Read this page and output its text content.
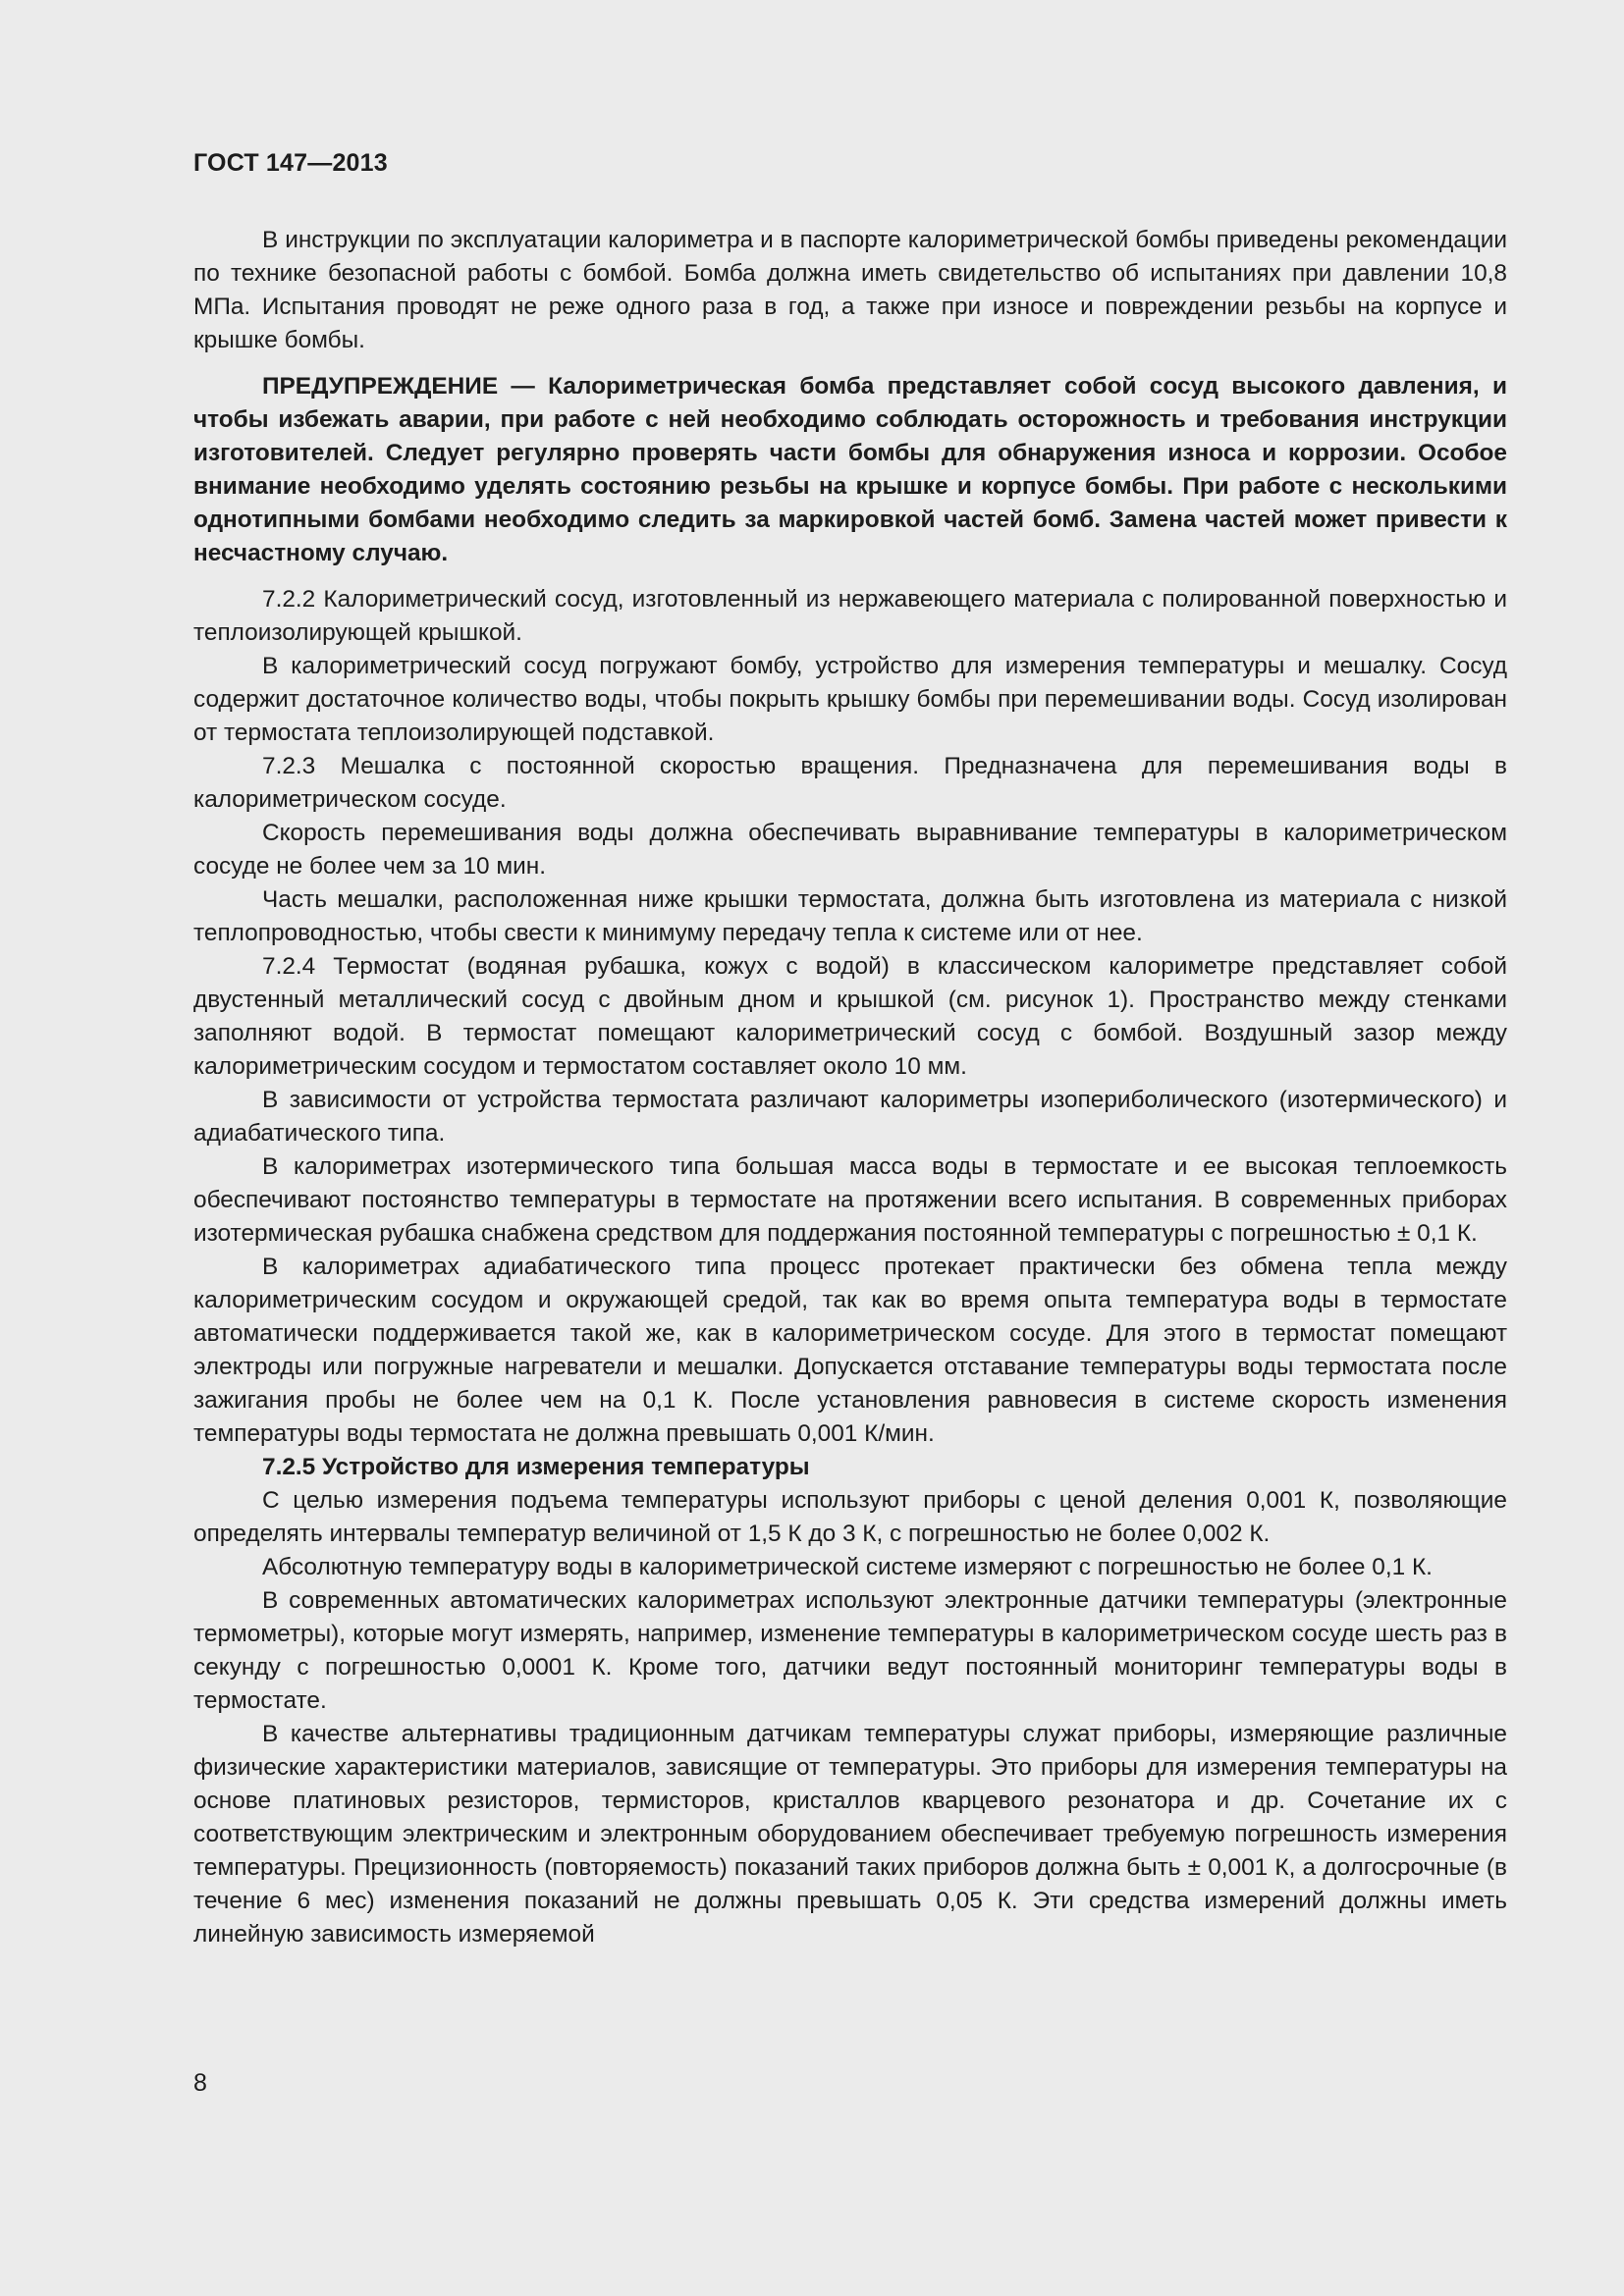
ГОСТ 147—2013

В инструкции по эксплуатации калориметра и в паспорте калориметрической бомбы приведены рекомендации по технике безопасной работы с бомбой. Бомба должна иметь свидетельство об испытаниях при давлении 10,8 МПа. Испытания проводят не реже одного раза в год, а также при износе и повреждении резьбы на корпусе и крышке бомбы.

ПРЕДУПРЕЖДЕНИЕ — Калориметрическая бомба представляет собой сосуд высокого давления, и чтобы избежать аварии, при работе с ней необходимо соблюдать осторожность и требования инструкции изготовителей. Следует регулярно проверять части бомбы для обнаружения износа и коррозии. Особое внимание необходимо уделять состоянию резьбы на крышке и корпусе бомбы. При работе с несколькими однотипными бомбами необходимо следить за маркировкой частей бомб. Замена частей может привести к несчастному случаю.

7.2.2 Калориметрический сосуд, изготовленный из нержавеющего материала с полированной поверхностью и теплоизолирующей крышкой.

В калориметрический сосуд погружают бомбу, устройство для измерения температуры и мешалку. Сосуд содержит достаточное количество воды, чтобы покрыть крышку бомбы при перемешивании воды. Сосуд изолирован от термостата теплоизолирующей подставкой.

7.2.3 Мешалка с постоянной скоростью вращения. Предназначена для перемешивания воды в калориметрическом сосуде.

Скорость перемешивания воды должна обеспечивать выравнивание температуры в калориметрическом сосуде не более чем за 10 мин.

Часть мешалки, расположенная ниже крышки термостата, должна быть изготовлена из материала с низкой теплопроводностью, чтобы свести к минимуму передачу тепла к системе или от нее.

7.2.4 Термостат (водяная рубашка, кожух с водой) в классическом калориметре представляет собой двустенный металлический сосуд с двойным дном и крышкой (см. рисунок 1). Пространство между стенками заполняют водой. В термостат помещают калориметрический сосуд с бомбой. Воздушный зазор между калориметрическим сосудом и термостатом составляет около 10 мм.

В зависимости от устройства термостата различают калориметры изопериболического (изотермического) и адиабатического типа.

В калориметрах изотермического типа большая масса воды в термостате и ее высокая теплоемкость обеспечивают постоянство температуры в термостате на протяжении всего испытания. В современных приборах изотермическая рубашка снабжена средством для поддержания постоянной температуры с погрешностью ± 0,1 К.

В калориметрах адиабатического типа процесс протекает практически без обмена тепла между калориметрическим сосудом и окружающей средой, так как во время опыта температура воды в термостате автоматически поддерживается такой же, как в калориметрическом сосуде. Для этого в термостат помещают электроды или погружные нагреватели и мешалки. Допускается отставание температуры воды термостата после зажигания пробы не более чем на 0,1 К. После установления равновесия в системе скорость изменения температуры воды термостата не должна превышать 0,001 К/мин.

7.2.5 Устройство для измерения температуры

С целью измерения подъема температуры используют приборы с ценой деления 0,001 К, позволяющие определять интервалы температур величиной от 1,5 К до 3 К, с погрешностью не более 0,002 К.

Абсолютную температуру воды в калориметрической системе измеряют с погрешностью не более 0,1 К.

В современных автоматических калориметрах используют электронные датчики температуры (электронные термометры), которые могут измерять, например, изменение температуры в калориметрическом сосуде шесть раз в секунду с погрешностью 0,0001 К. Кроме того, датчики ведут постоянный мониторинг температуры воды в термостате.

В качестве альтернативы традиционным датчикам температуры служат приборы, измеряющие различные физические характеристики материалов, зависящие от температуры. Это приборы для измерения температуры на основе платиновых резисторов, термисторов, кристаллов кварцевого резонатора и др. Сочетание их с соответствующим электрическим и электронным оборудованием обеспечивает требуемую погрешность измерения температуры. Прецизионность (повторяемость) показаний таких приборов должна быть ± 0,001 К, а долгосрочные (в течение 6 мес) изменения показаний не должны превышать 0,05 К. Эти средства измерений должны иметь линейную зависимость измеряемой

8
